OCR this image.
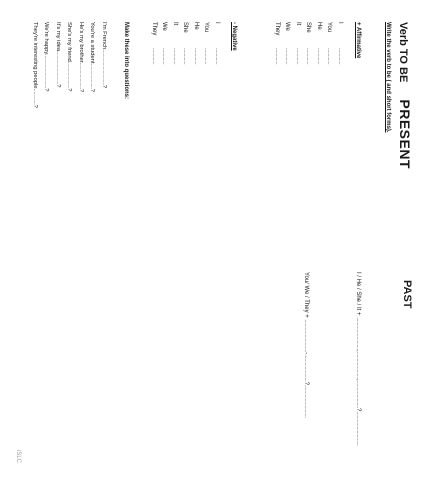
Verb TO BE PRESENT
Write the verb to be ( and short forms).
+ Affirmative
I............
You............
He............
She............
It............
We............
They............
- Negative
I............
You............
He............
She............
It............
We............
They............
Make these into questions:
I'm French...........................?
You're a student...................?
He's my brother....................?
She's my friend....................?
It's my idea.........................?
We're happy..........................?
They're interesting people............?
PAST
I / He / She / It + ........................,....................,....................?.........................
You/ We / They + ........................-....................?........................
iSLC
